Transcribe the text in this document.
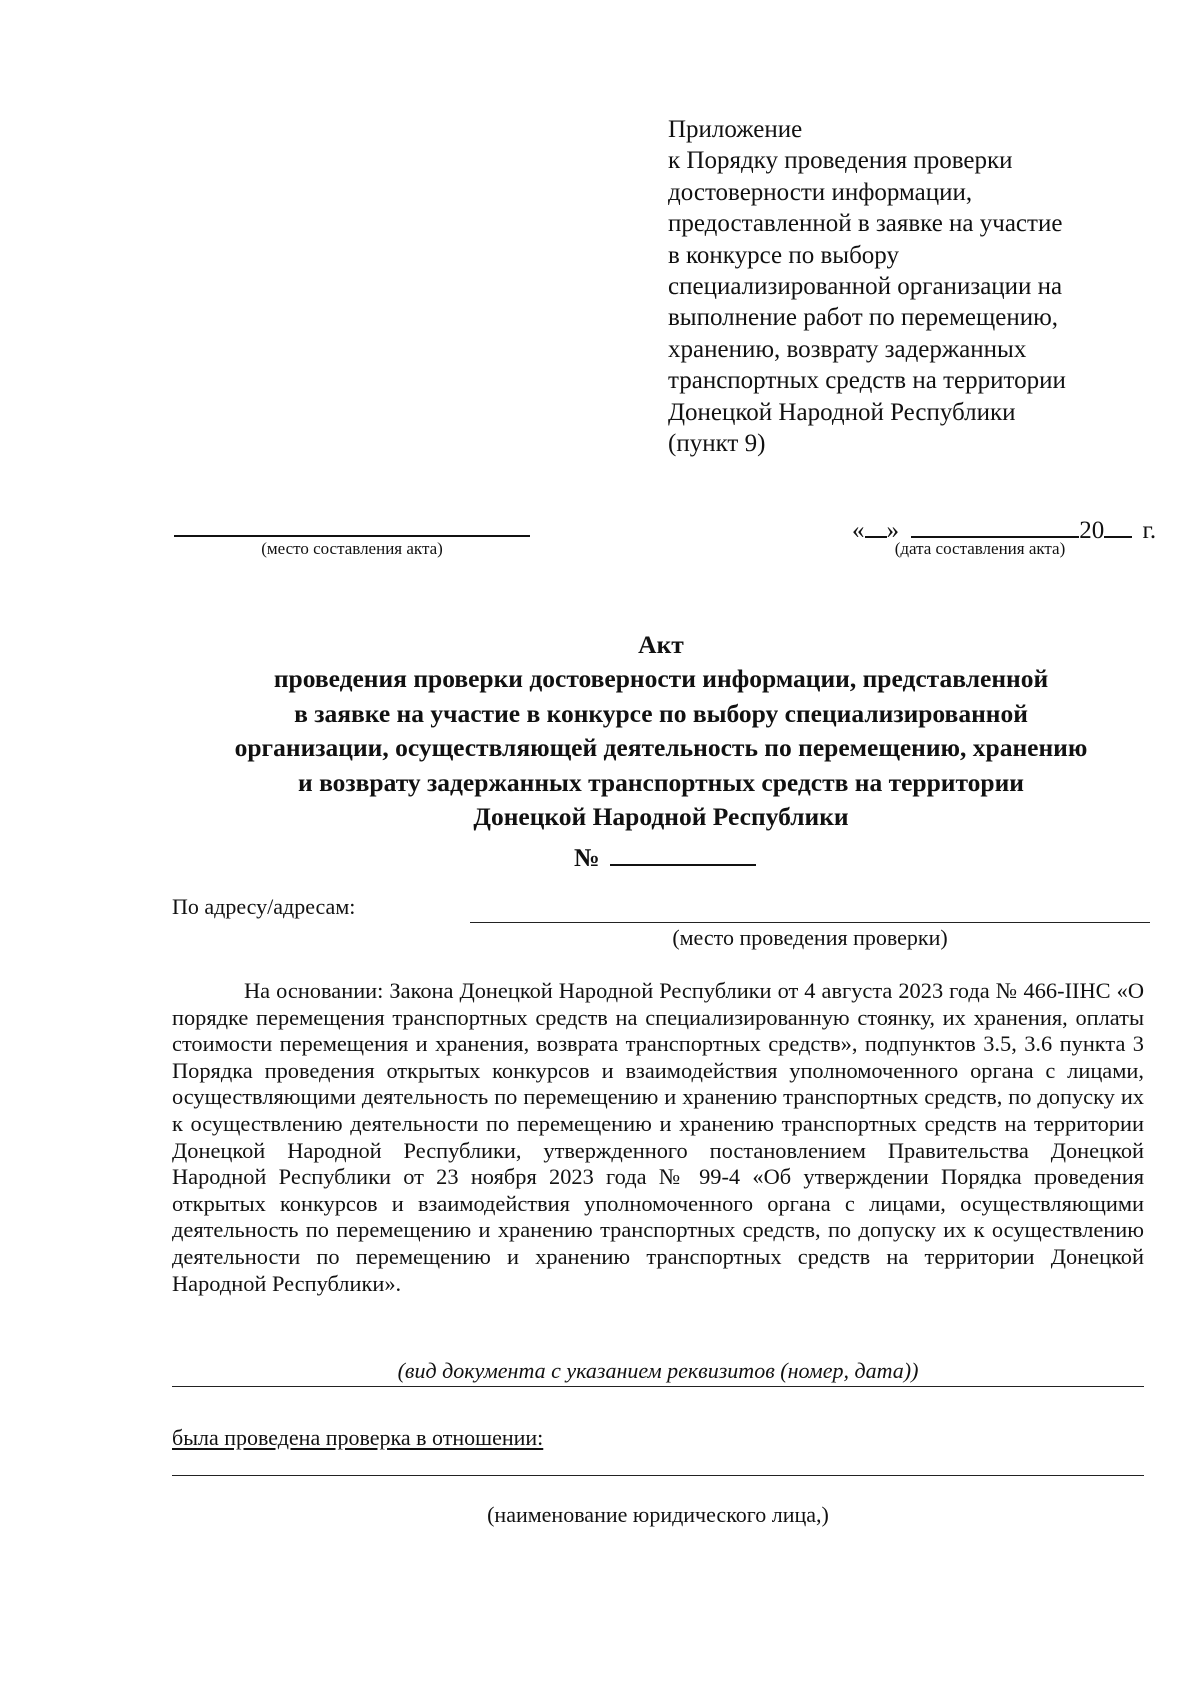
Приложение
к Порядку проведения проверки
достоверности информации,
предоставленной в заявке на участие
в конкурсе по выбору
специализированной организации на
выполнение работ по перемещению,
хранению, возврату задержанных
транспортных средств на территории
Донецкой Народной Республики
(пункт 9)
(место составления акта)
« »	20 г.
(дата составления акта)
Акт
проведения проверки достоверности информации, представленной
в заявке на участие в конкурсе по выбору специализированной
организации, осуществляющей деятельность по перемещению, хранению
и возврату задержанных транспортных средств на территории
Донецкой Народной Республики
№
По адресу/адресам:
(место проведения проверки)
На основании: Закона Донецкой Народной Республики от 4 августа 2023 года № 466-IIНС «О порядке перемещения транспортных средств на специализированную стоянку, их хранения, оплаты стоимости перемещения и хранения, возврата транспортных средств», подпунктов 3.5, 3.6 пункта 3 Порядка проведения открытых конкурсов и взаимодействия уполномоченного органа с лицами, осуществляющими деятельность по перемещению и хранению транспортных средств, по допуску их к осуществлению деятельности по перемещению и хранению транспортных средств на территории Донецкой Народной Республики, утвержденного постановлением Правительства Донецкой Народной Республики от 23 ноября 2023 года № 99-4 «Об утверждении Порядка проведения открытых конкурсов и взаимодействия уполномоченного органа с лицами, осуществляющими деятельность по перемещению и хранению транспортных средств, по допуску их к осуществлению деятельности по перемещению и хранению транспортных средств на территории Донецкой Народной Республики».
(вид документа с указанием реквизитов (номер, дата))
была проведена проверка в отношении:
(наименование юридического лица,)
